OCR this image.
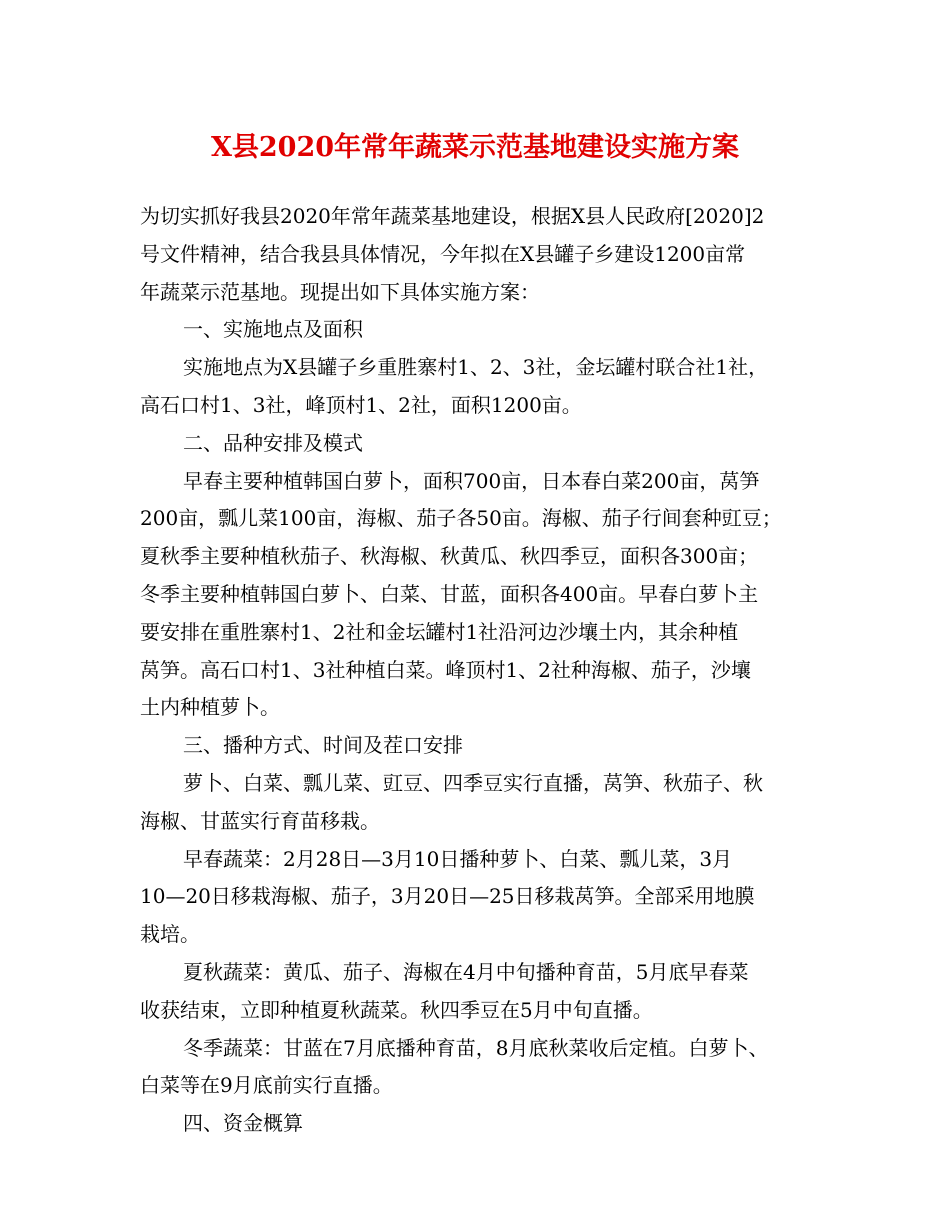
X县2020年常年蔬菜示范基地建设实施方案
为切实抓好我县2020年常年蔬菜基地建设，根据X县人民政府[2020]2
号文件精神，结合我县具体情况，今年拟在X县罐子乡建设1200亩常
年蔬菜示范基地。现提出如下具体实施方案：
一、实施地点及面积
实施地点为X县罐子乡重胜寨村1、2、3社，金坛罐村联合社1社，
高石口村1、3社，峰顶村1、2社，面积1200亩。
二、品种安排及模式
早春主要种植韩国白萝卜，面积700亩，日本春白菜200亩，莴笋
200亩，瓢儿菜100亩，海椒、茄子各50亩。海椒、茄子行间套种豇豆；
夏秋季主要种植秋茄子、秋海椒、秋黄瓜、秋四季豆，面积各300亩；
冬季主要种植韩国白萝卜、白菜、甘蓝，面积各400亩。早春白萝卜主
要安排在重胜寨村1、2社和金坛罐村1社沿河边沙壤土内，其余种植
莴笋。高石口村1、3社种植白菜。峰顶村1、2社种海椒、茄子，沙壤
土内种植萝卜。
三、播种方式、时间及茬口安排
萝卜、白菜、瓢儿菜、豇豆、四季豆实行直播，莴笋、秋茄子、秋
海椒、甘蓝实行育苗移栽。
早春蔬菜：2月28日—3月10日播种萝卜、白菜、瓢儿菜，3月
10—20日移栽海椒、茄子，3月20日—25日移栽莴笋。全部采用地膜
栽培。
夏秋蔬菜：黄瓜、茄子、海椒在4月中旬播种育苗，5月底早春菜
收获结束，立即种植夏秋蔬菜。秋四季豆在5月中旬直播。
冬季蔬菜：甘蓝在7月底播种育苗，8月底秋菜收后定植。白萝卜、
白菜等在9月底前实行直播。
四、资金概算
